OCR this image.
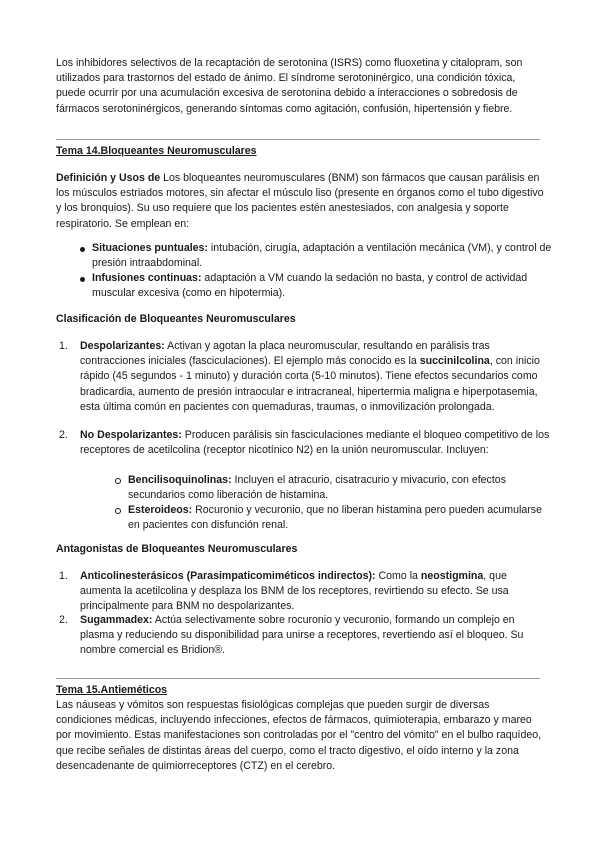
Los inhibidores selectivos de la recaptación de serotonina (ISRS) como fluoxetina y citalopram, son utilizados para trastornos del estado de ánimo. El síndrome serotoninérgico, una condición tóxica, puede ocurrir por una acumulación excesiva de serotonina debido a interacciones o sobredosis de fármacos serotoninérgicos, generando síntomas como agitación, confusión, hipertensión y fiebre.

Tema 14.Bloqueantes Neuromusculares

Definición y Usos de Los bloqueantes neuromusculares (BNM) son fármacos que causan parálisis en los músculos estriados motores, sin afectar el músculo liso (presente en órganos como el tubo digestivo y los bronquios). Su uso requiere que los pacientes estén anestesiados, con analgesia y soporte respiratorio. Se emplean en:

Situaciones puntuales: intubación, cirugía, adaptación a ventilación mecánica (VM), y control de presión intraabdominal.
Infusiones continuas: adaptación a VM cuando la sedación no basta, y control de actividad muscular excesiva (como en hipotermia).

Clasificación de Bloqueantes Neuromusculares

1. Despolarizantes: Activan y agotan la placa neuromuscular, resultando en parálisis tras contracciones iniciales (fasciculaciones). El ejemplo más conocido es la succinilcolina, con inicio rápido (45 segundos - 1 minuto) y duración corta (5-10 minutos). Tiene efectos secundarios como bradicardia, aumento de presión intraocular e intracraneal, hipertermia maligna e hiperpotasemia, esta última común en pacientes con quemaduras, traumas, o inmovilización prolongada.
2. No Despolarizantes: Producen parálisis sin fasciculaciones mediante el bloqueo competitivo de los receptores de acetilcolina (receptor nicotínico N2) en la unión neuromuscular. Incluyen:
Bencilisoquinolinas: Incluyen el atracurio, cisatracurio y mivacurio, con efectos secundarios como liberación de histamina.
Esteroideos: Rocuronio y vecuronio, que no liberan histamina pero pueden acumularse en pacientes con disfunción renal.

Antagonistas de Bloqueantes Neuromusculares

1. Anticolinesterásicos (Parasimpaticomiméticos indirectos): Como la neostigmina, que aumenta la acetilcolina y desplaza los BNM de los receptores, revirtiendo su efecto. Se usa principalmente para BNM no despolarizantes.
2. Sugammadex: Actúa selectivamente sobre rocuronio y vecuronio, formando un complejo en plasma y reduciendo su disponibilidad para unirse a receptores, revertiendo así el bloqueo. Su nombre comercial es Bridion®.

Tema 15.Antieméticos

Las náuseas y vómitos son respuestas fisiológicas complejas que pueden surgir de diversas condiciones médicas, incluyendo infecciones, efectos de fármacos, quimioterapia, embarazo y mareo por movimiento. Estas manifestaciones son controladas por el "centro del vómito" en el bulbo raquídeo, que recibe señales de distintas áreas del cuerpo, como el tracto digestivo, el oído interno y la zona desencadenante de quimiorreceptores (CTZ) en el cerebro.
